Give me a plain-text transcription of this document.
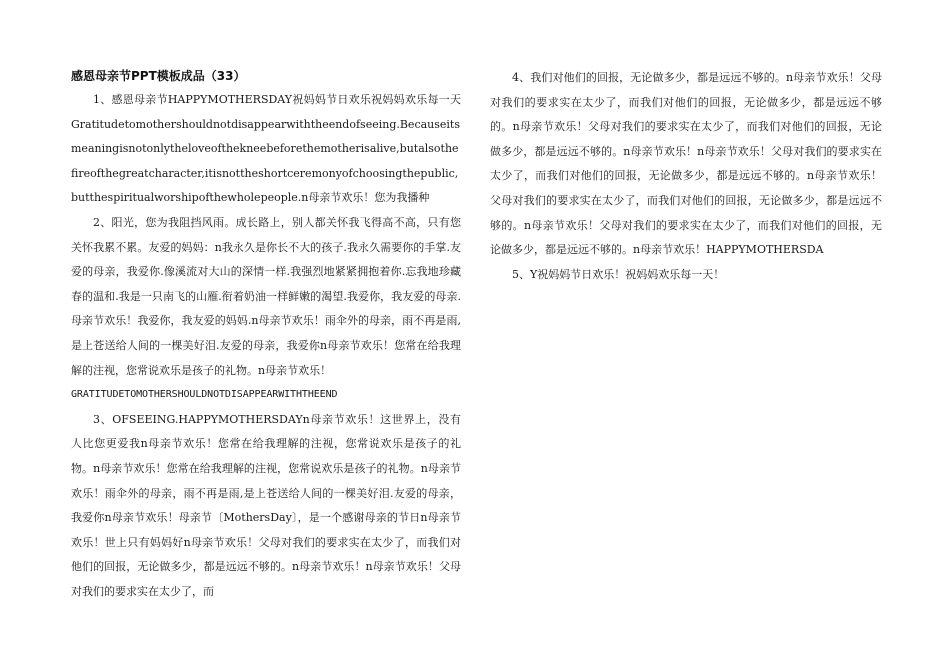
感恩母亲节PPT模板成品（33）

1、感恩母亲节HAPPYMOTHERSDAY祝妈妈节日欢乐祝妈妈欢乐每一天Gratitudetomothershouldnotdisappearwiththeendofseeing.Becauseitsmeaningisnotonlytheloveofthekneebeforethemotherisalive,butalsothefireofthegreatcharacter,itisnottheshortceremonyofchoosingthepublic,butthespiritualworshipofthewholepeople.n母亲节欢乐！您为我播种

2、阳光，您为我阻挡风雨。成长路上，别人都关怀我飞得高不高，只有您关怀我累不累。友爱的妈妈：n我永久是你长不大的孩子.我永久需要你的手掌.友爱的母亲，我爱你.像溪流对大山的深情一样.我强烈地紧紧拥抱着你.忘我地珍藏春的温和.我是一只南飞的山雁.衔着奶油一样鲜嫩的渴望.我爱你，我友爱的母亲.母亲节欢乐！我爱你，我友爱的妈妈.n母亲节欢乐！雨伞外的母亲，雨不再是雨,是上苍送给人间的一棵美好泪.友爱的母亲，我爱你n母亲节欢乐！您常在给我理解的注视，您常说欢乐是孩子的礼物。n母亲节欢乐！

GRATITUDETOMOTHERSHOULDNOTDISAPPEARWITHTHEEND

3、OFSEEING.HAPPYMOTHERSDAYn母亲节欢乐！这世界上，没有人比您更爱我n母亲节欢乐！您常在给我理解的注视，您常说欢乐是孩子的礼物。n母亲节欢乐！您常在给我理解的注视，您常说欢乐是孩子的礼物。n母亲节欢乐！雨伞外的母亲，雨不再是雨,是上苍送给人间的一棵美好泪.友爱的母亲，我爱你n母亲节欢乐！母亲节〔MothersDay〕，是一个感谢母亲的节日n母亲节欢乐！世上只有妈妈好n母亲节欢乐！父母对我们的要求实在太少了，而我们对他们的回报，无论做多少，都是远远不够的。n母亲节欢乐！n母亲节欢乐！父母对我们的要求实在太少了，而

4、我们对他们的回报，无论做多少，都是远远不够的。n母亲节欢乐！父母对我们的要求实在太少了，而我们对他们的回报，无论做多少，都是远远不够的。n母亲节欢乐！父母对我们的要求实在太少了，而我们对他们的回报，无论做多少，都是远远不够的。n母亲节欢乐！n母亲节欢乐！父母对我们的要求实在太少了，而我们对他们的回报，无论做多少，都是远远不够的。n母亲节欢乐！父母对我们的要求实在太少了，而我们对他们的回报，无论做多少，都是远远不够的。n母亲节欢乐！父母对我们的要求实在太少了，而我们对他们的回报，无论做多少，都是远远不够的。n母亲节欢乐！HAPPYMOTHERSDA

5、Y祝妈妈节日欢乐！祝妈妈欢乐每一天！
